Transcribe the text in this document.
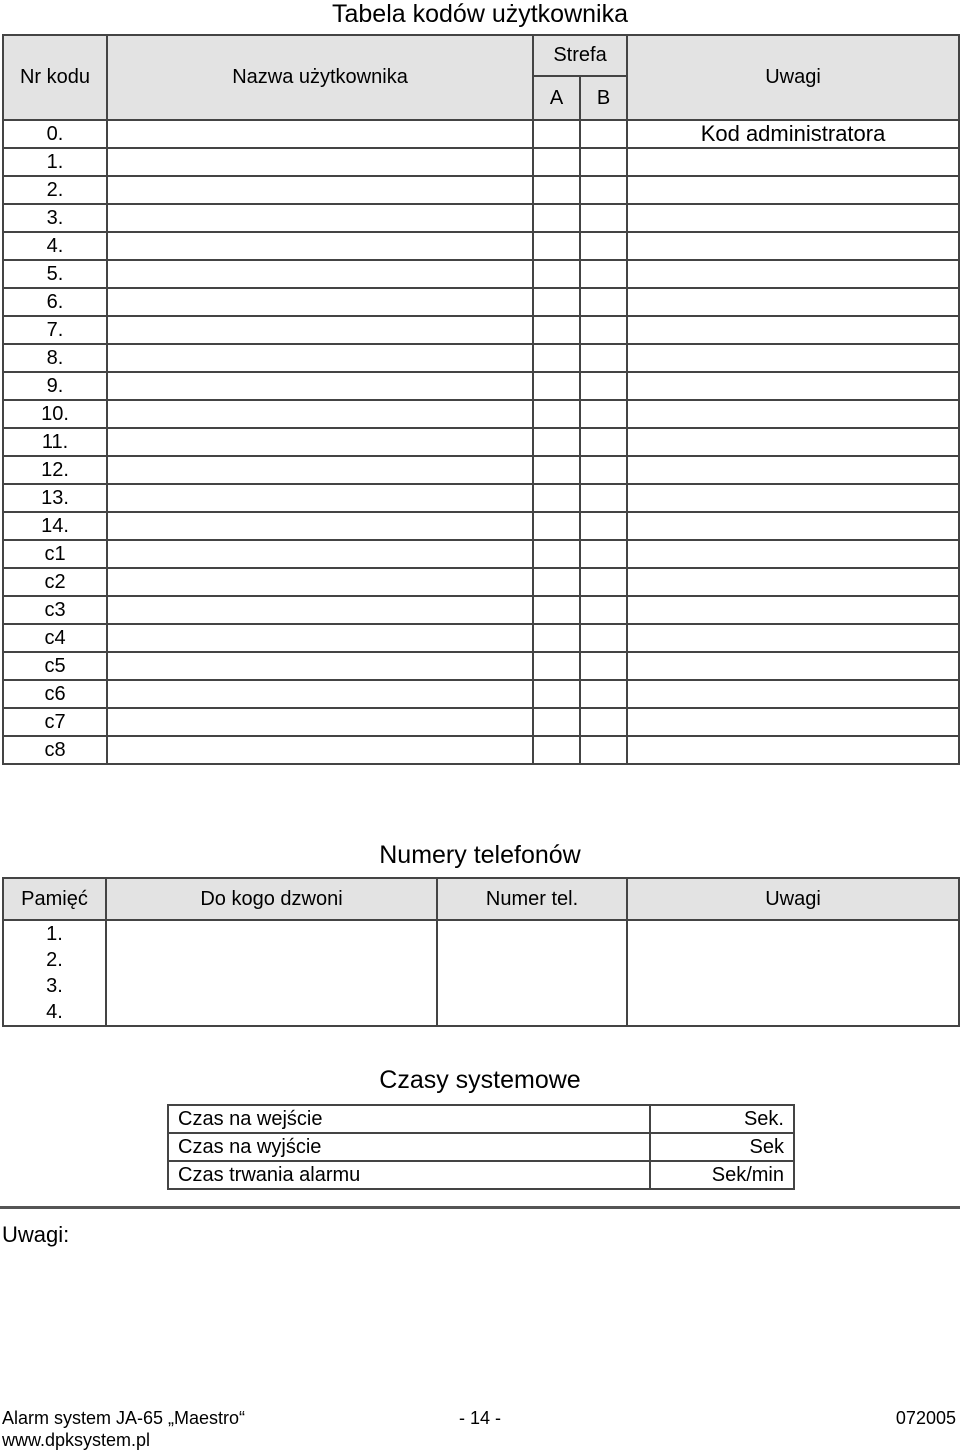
Tabela kodów użytkownika
Nr kodu	Nazwa użytkownika	Strefa		Uwagi
		A	B	
0.				Kod administratora
1.				
2.				
3.				
4.				
5.				
6.				
7.				
8.				
9.				
10.				
11.				
12.				
13.				
14.				
c1				
c2				
c3				
c4				
c5				
c6				
c7				
c8				
Numery telefonów
Pamięć	Do kogo dzwoni	Numer tel.	Uwagi
1.			
2.			
3.			
4.			
Czasy systemowe
Czas na wejście	Sek.
Czas na wyjście	Sek
Czas trwania alarmu	Sek/min
Uwagi:
Alarm system JA-65 „Maestro“	- 14 -	072005
www.dpksystem.pl
